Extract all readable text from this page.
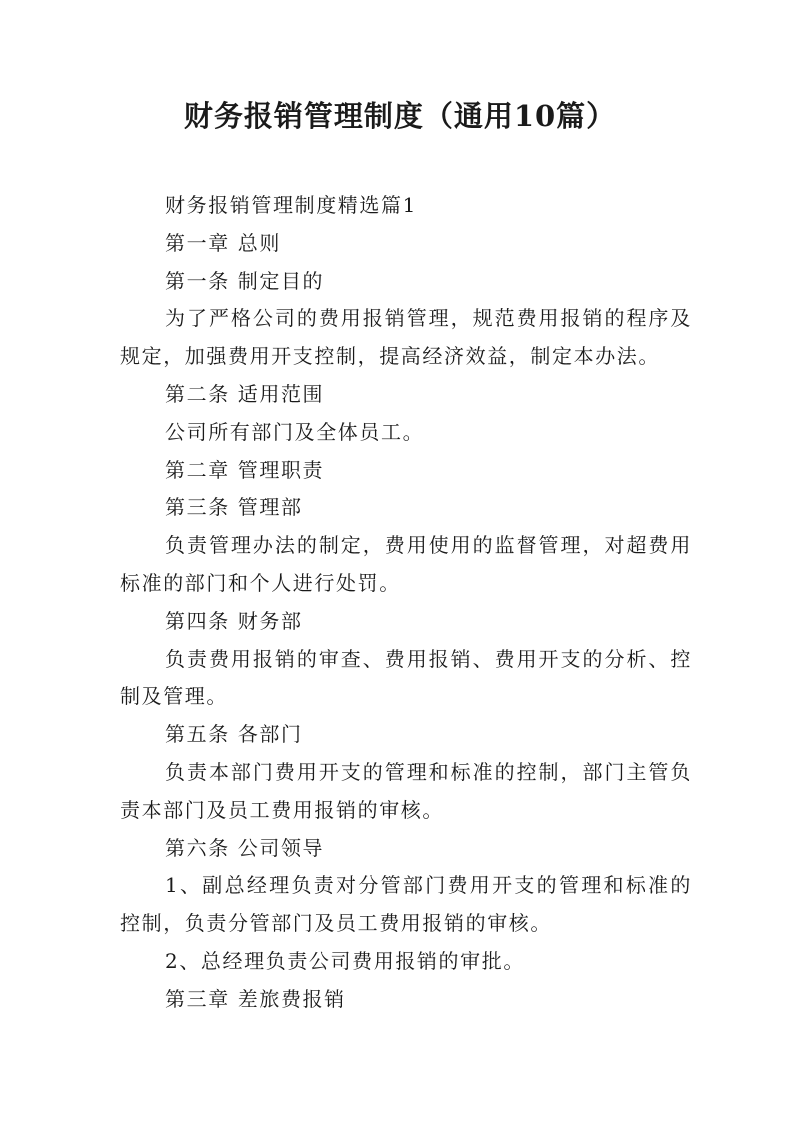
财务报销管理制度（通用10篇）

财务报销管理制度精选篇1

第一章 总则

第一条 制定目的

为了严格公司的费用报销管理，规范费用报销的程序及规定，加强费用开支控制，提高经济效益，制定本办法。

第二条 适用范围

公司所有部门及全体员工。

第二章 管理职责

第三条 管理部

负责管理办法的制定，费用使用的监督管理，对超费用标准的部门和个人进行处罚。

第四条 财务部

负责费用报销的审查、费用报销、费用开支的分析、控制及管理。

第五条 各部门

负责本部门费用开支的管理和标准的控制，部门主管负责本部门及员工费用报销的审核。

第六条 公司领导

1、副总经理负责对分管部门费用开支的管理和标准的控制，负责分管部门及员工费用报销的审核。

2、总经理负责公司费用报销的审批。

第三章 差旅费报销
